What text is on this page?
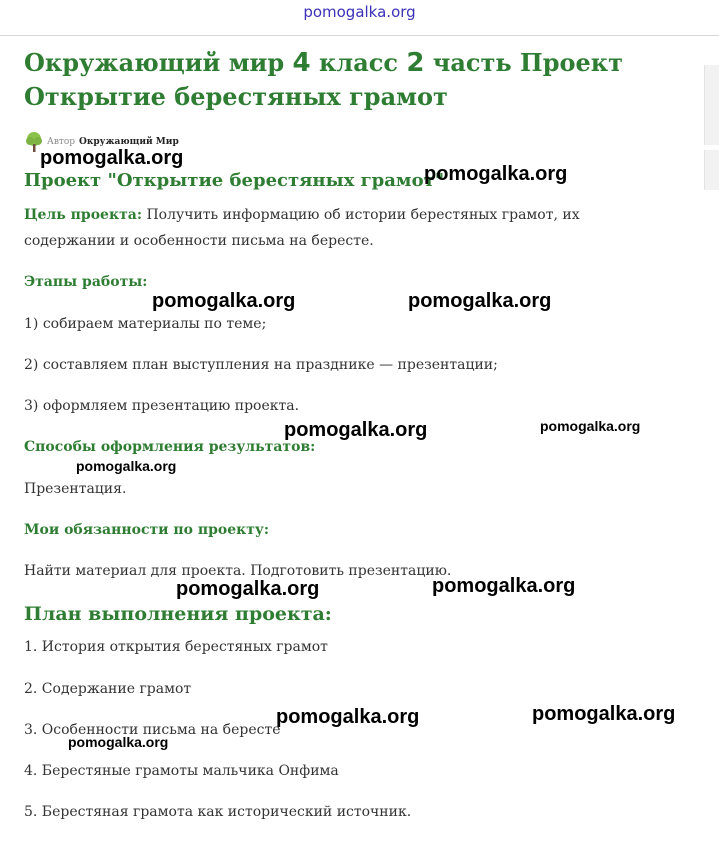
pomogalka.org
Окружающий мир 4 класс 2 часть Проект Открытие берестяных грамот
Автор Окружающий Мир
Проект "Открытие берестяных грамот"

Цель проекта: Получить информацию об истории берестяных грамот, их содержании и особенности письма на бересте.

Этапы работы:

1) собираем материалы по теме;

2) составляем план выступления на празднике — презентации;

3) оформляем презентацию проекта.

Способы оформления результатов:

Презентация.

Мои обязанности по проекту:

Найти материал для проекта. Подготовить презентацию.

План выполнения проекта:

1. История открытия берестяных грамот

2. Содержание грамот

3. Особенности письма на бересте

4. Берестяные грамоты мальчика Онфима

5. Берестяная грамота как исторический источник.

pomogalka.org
pomogalka.org
pomogalka.org	pomogalka.org
pomogalka.org	pomogalka.org
pomogalka.org
pomogalka.org	pomogalka.org
pomogalka.org	pomogalka.org
pomogalka.org
